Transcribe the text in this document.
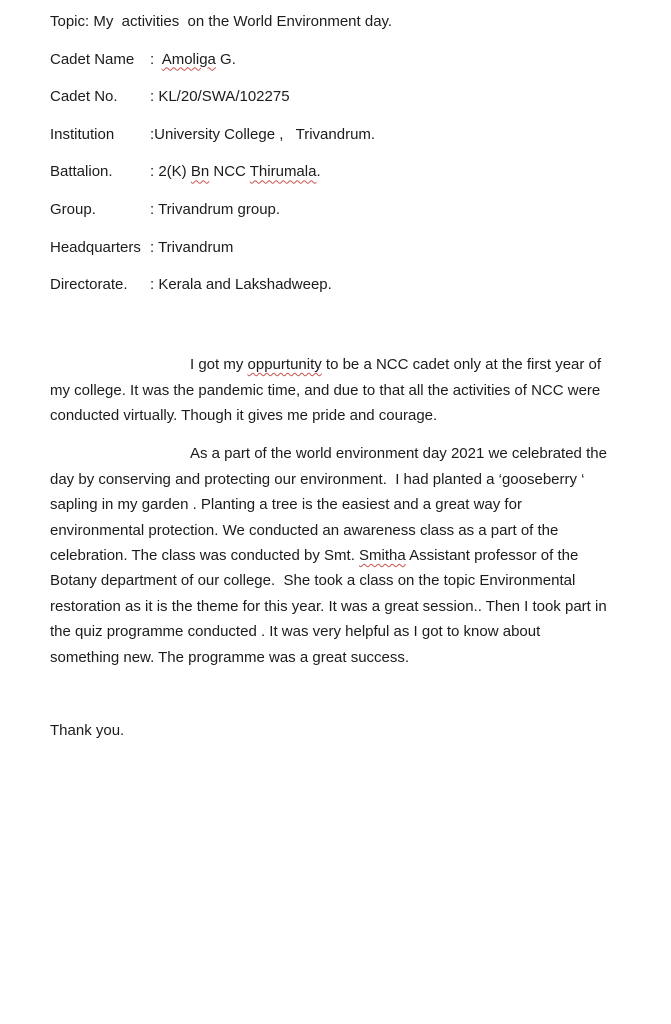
Topic: My  activities  on the World Environment day.

Cadet Name :  Amoliga G.

Cadet No. : KL/20/SWA/102275

Institution :University College ,   Trivandrum.

Battalion. : 2(K) Bn NCC Thirumala.

Group.	: Trivandrum group.

Headquarters : Trivandrum

Directorate. : Kerala and Lakshadweep.

I got my oppurtunity to be a NCC cadet only at the first year of
my college. It was the pandemic time, and due to that all the activities of NCC were
conducted virtually. Though it gives me pride and courage.
As a part of the world environment day 2021 we celebrated the
day by conserving and protecting our environment.  I had planted a ‘gooseberry ‘
sapling in my garden . Planting a tree is the easiest and a great way for
environmental protection. We conducted an awareness class as a part of the
celebration. The class was conducted by Smt. Smitha Assistant professor of the
Botany department of our college.  She took a class on the topic Environmental
restoration as it is the theme for this year. It was a great session.. Then I took part in
the quiz programme conducted . It was very helpful as I got to know about
something new. The programme was a great success.

Thank you.
